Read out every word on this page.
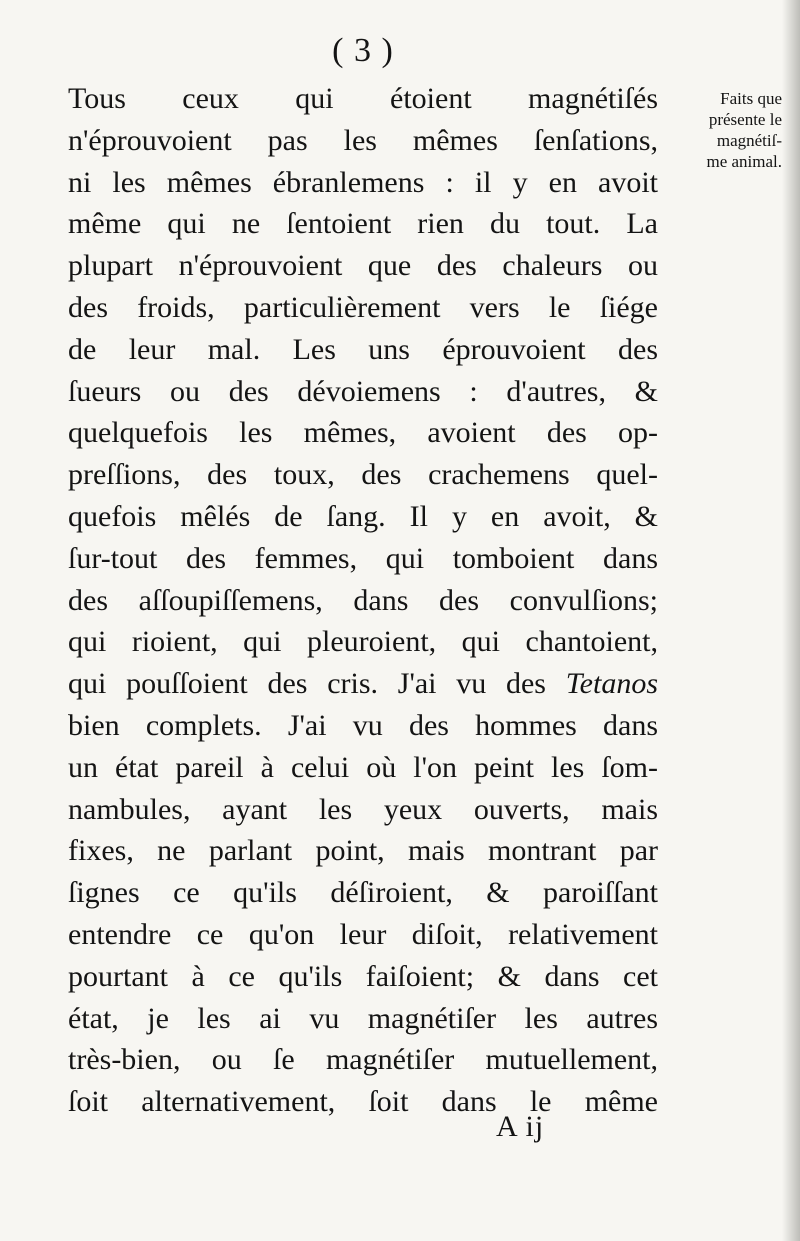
( 3 )
Faits que
présente le
magnétiſ-
me animal.
Tous ceux qui étoient magnétiſés
n'éprouvoient pas les mêmes ſenſations,
ni les mêmes ébranlemens : il y en avoit
même qui ne ſentoient rien du tout. La
plupart n'éprouvoient que des chaleurs ou
des froids, particulièrement vers le ſiége
de leur mal. Les uns éprouvoient des
ſueurs ou des dévoiemens : d'autres, &
quelquefois les mêmes, avoient des op-
preſſions, des toux, des crachemens quel-
quefois mêlés de ſang. Il y en avoit, &
ſur-tout des femmes, qui tomboient dans
des aſſoupiſſemens, dans des convulſions;
qui rioient, qui pleuroient, qui chantoient,
qui pouſſoient des cris. J'ai vu des Tetanos
bien complets. J'ai vu des hommes dans
un état pareil à celui où l'on peint les ſom-
nambules, ayant les yeux ouverts, mais
fixes, ne parlant point, mais montrant par
ſignes ce qu'ils déſiroient, & paroiſſant
entendre ce qu'on leur diſoit, relativement
pourtant à ce qu'ils faiſoient; & dans cet
état, je les ai vu magnétiſer les autres
très-bien, ou ſe magnétiſer mutuellement,
ſoit alternativement, ſoit dans le même
A ij
